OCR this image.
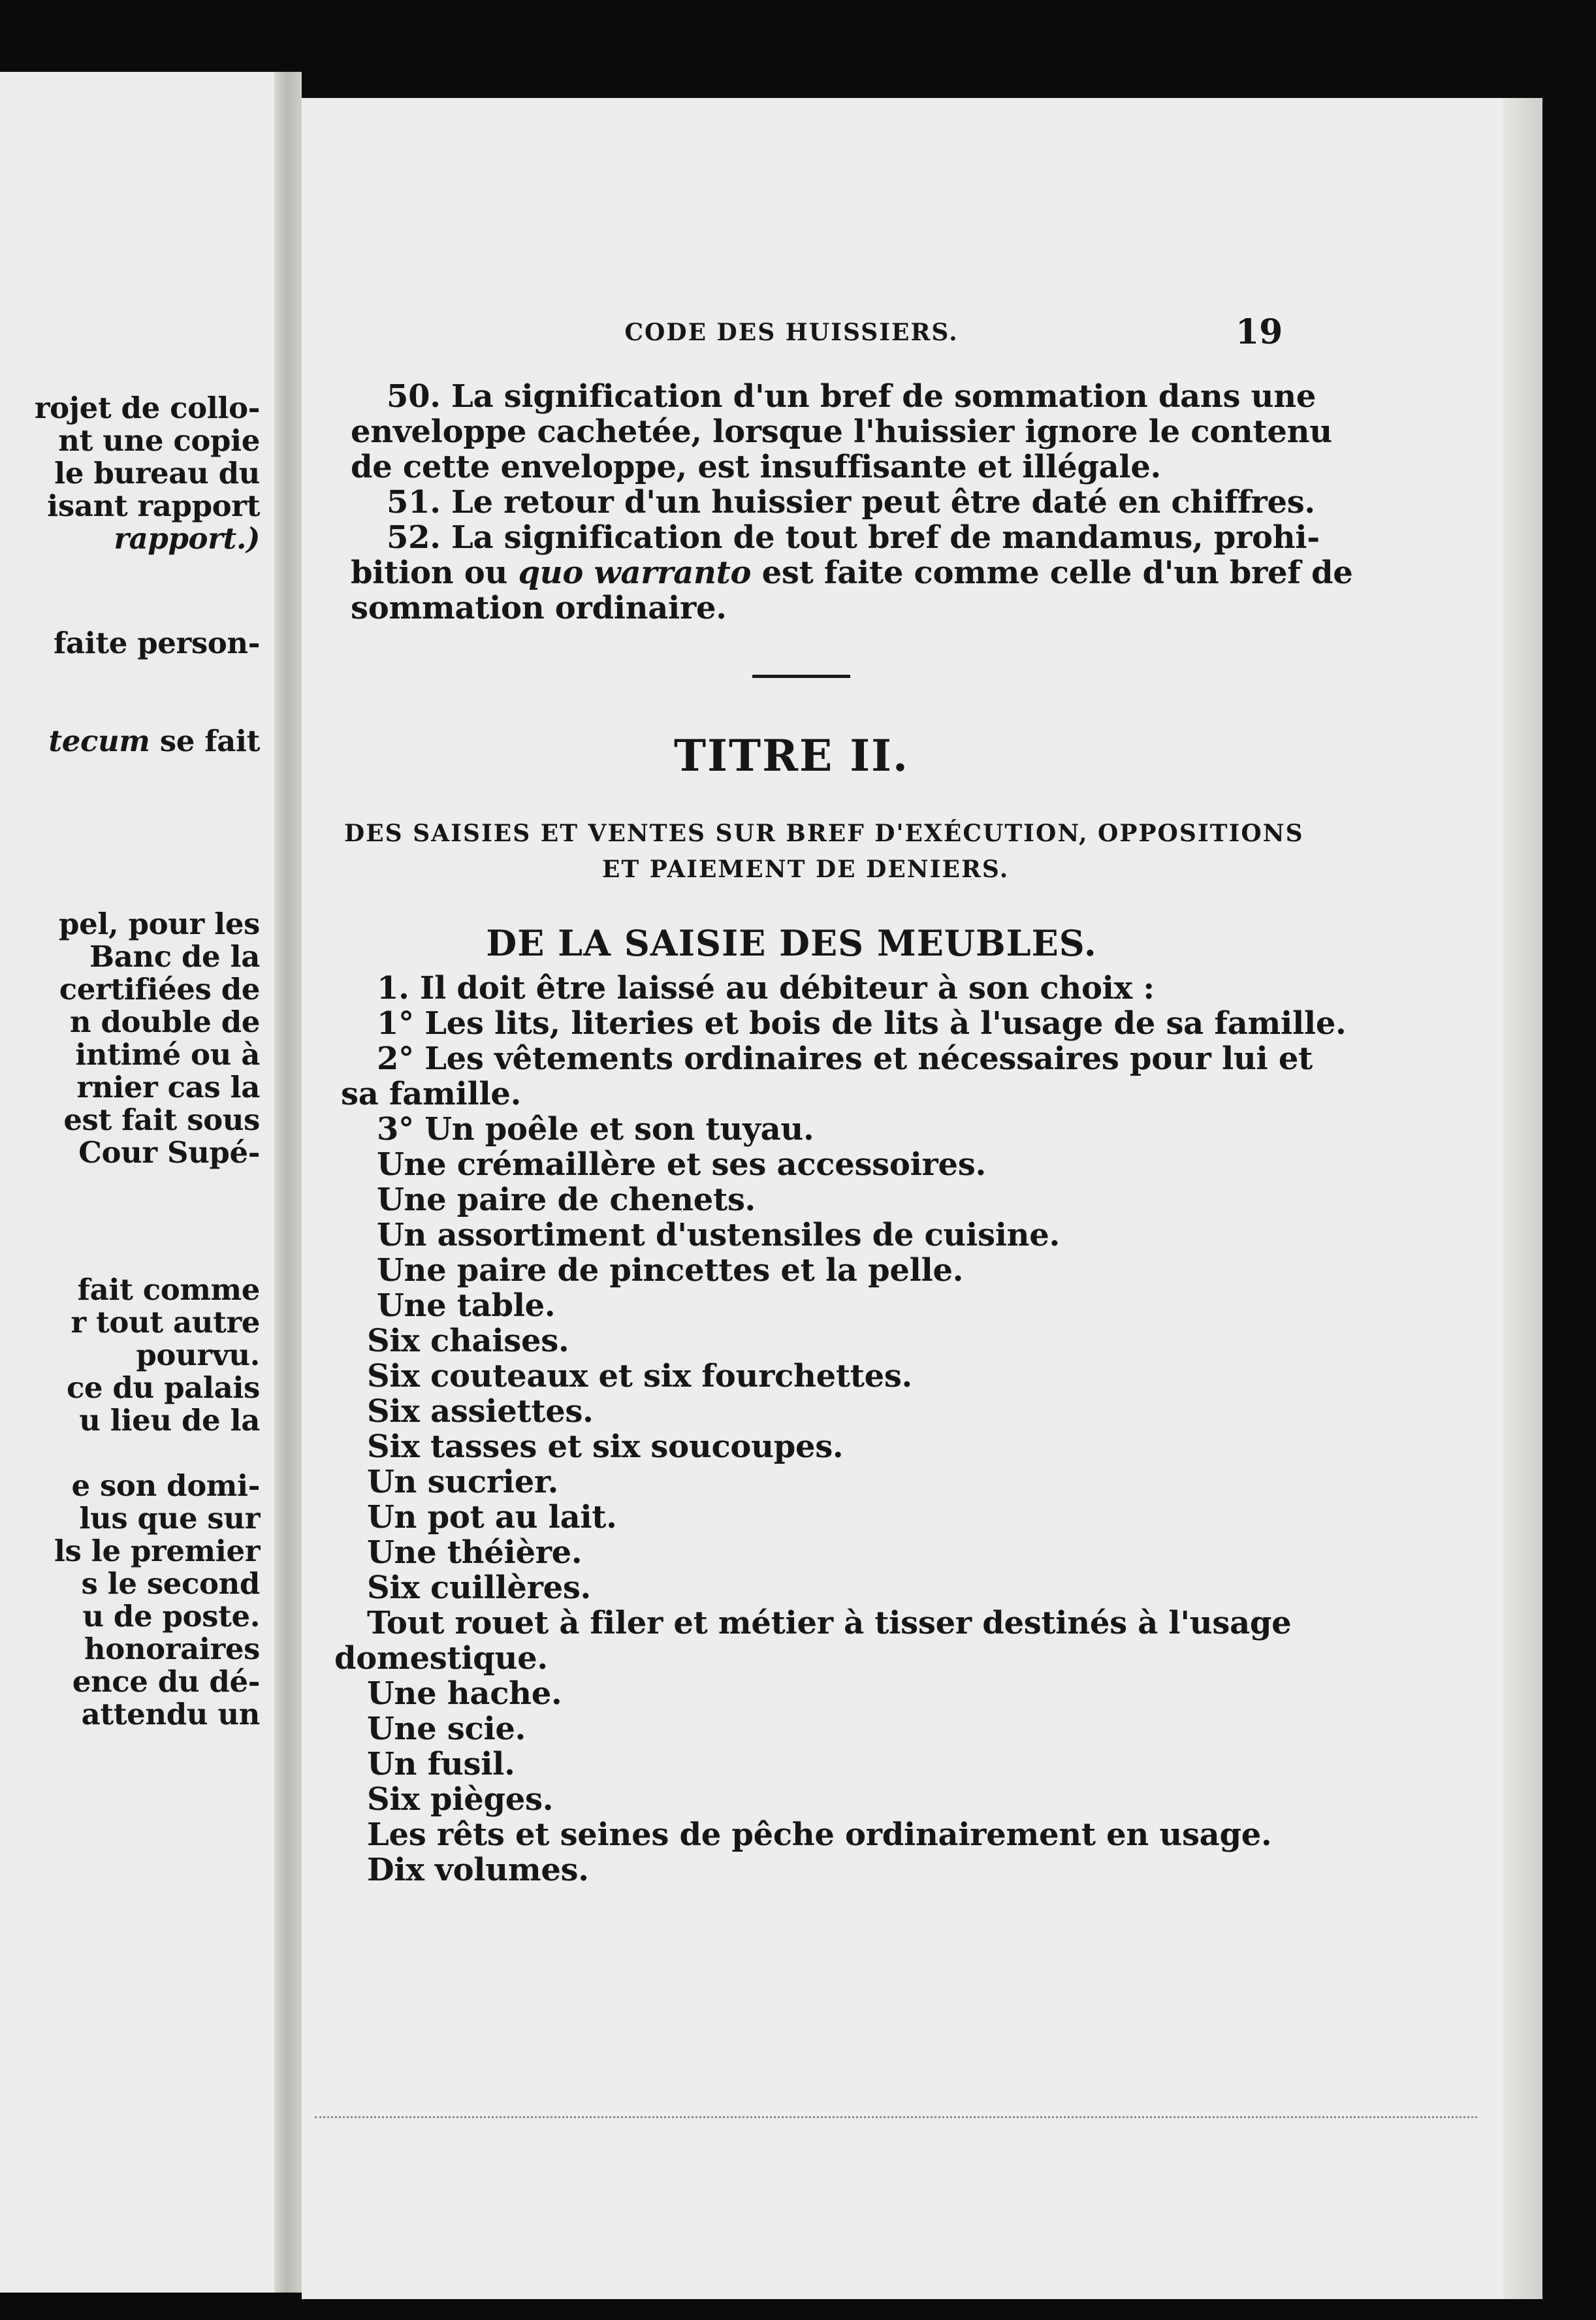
rojet de collo-
nt une copie
le bureau du
isant rapport
rapport.)
faite person-
tecum se fait
pel, pour les
Banc de la
certifiées de
n double de
intimé ou à
rnier cas la
est fait sous
Cour Supé-
fait comme
r tout autre
pourvu.
ce du palais
u lieu de la
e son domi-
lus que sur
ls le premier
s le second
u de poste.
honoraires
ence du dé-
attendu un
CODE DES HUISSIERS.	19
TITRE II.
DES SAISIES ET VENTES SUR BREF D'EXÉCUTION, OPPOSITIONS
ET PAIEMENT DE DENIERS.
DE LA SAISIE DES MEUBLES.
50. La signification d'un bref de sommation dans une
enveloppe cachetée, lorsque l'huissier ignore le contenu
de cette enveloppe, est insuffisante et illégale.
51. Le retour d'un huissier peut être daté en chiffres.
52. La signification de tout bref de mandamus, prohi-
bition ou quo warranto est faite comme celle d'un bref de
sommation ordinaire.
1. Il doit être laissé au débiteur à son choix :
1° Les lits, literies et bois de lits à l'usage de sa famille.
2° Les vêtements ordinaires et nécessaires pour lui et
sa famille.
3° Un poêle et son tuyau.
Une crémaillère et ses accessoires.
Une paire de chenets.
Un assortiment d'ustensiles de cuisine.
Une paire de pincettes et la pelle.
Une table.
Six chaises.
Six couteaux et six fourchettes.
Six assiettes.
Six tasses et six soucoupes.
Un sucrier.
Un pot au lait.
Une théière.
Six cuillères.
Tout rouet à filer et métier à tisser destinés à l'usage
domestique.
Une hache.
Une scie.
Un fusil.
Six pièges.
Les rêts et seines de pêche ordinairement en usage.
Dix volumes.
